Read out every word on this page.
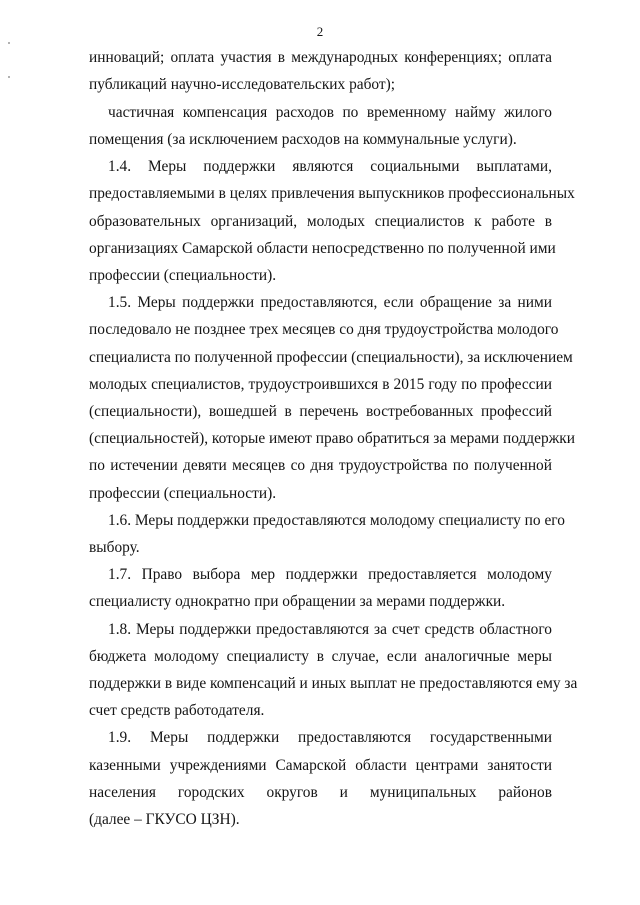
2
инноваций; оплата участия в международных конференциях; оплата
публикаций научно-исследовательских работ);
частичная компенсация расходов по временному найму жилого
помещения (за исключением расходов на коммунальные услуги).
1.4. Меры поддержки являются социальными выплатами,
предоставляемыми в целях привлечения выпускников профессиональных
образовательных организаций, молодых специалистов к работе в
организациях Самарской области непосредственно по полученной ими
профессии (специальности).
1.5. Меры поддержки предоставляются, если обращение за ними
последовало не позднее трех месяцев со дня трудоустройства молодого
специалиста по полученной профессии (специальности), за исключением
молодых специалистов, трудоустроившихся в 2015 году по профессии
(специальности), вошедшей в перечень востребованных профессий
(специальностей), которые имеют право обратиться за мерами поддержки
по истечении девяти месяцев со дня трудоустройства по полученной
профессии (специальности).
1.6. Меры поддержки предоставляются молодому специалисту по его
выбору.
1.7. Право выбора мер поддержки предоставляется молодому
специалисту однократно при обращении за мерами поддержки.
1.8. Меры поддержки предоставляются за счет средств областного
бюджета молодому специалисту в случае, если аналогичные меры
поддержки в виде компенсаций и иных выплат не предоставляются ему за
счет средств работодателя.
1.9. Меры поддержки предоставляются государственными
казенными учреждениями Самарской области центрами занятости
населения городских округов и муниципальных районов
(далее – ГКУСО ЦЗН).
